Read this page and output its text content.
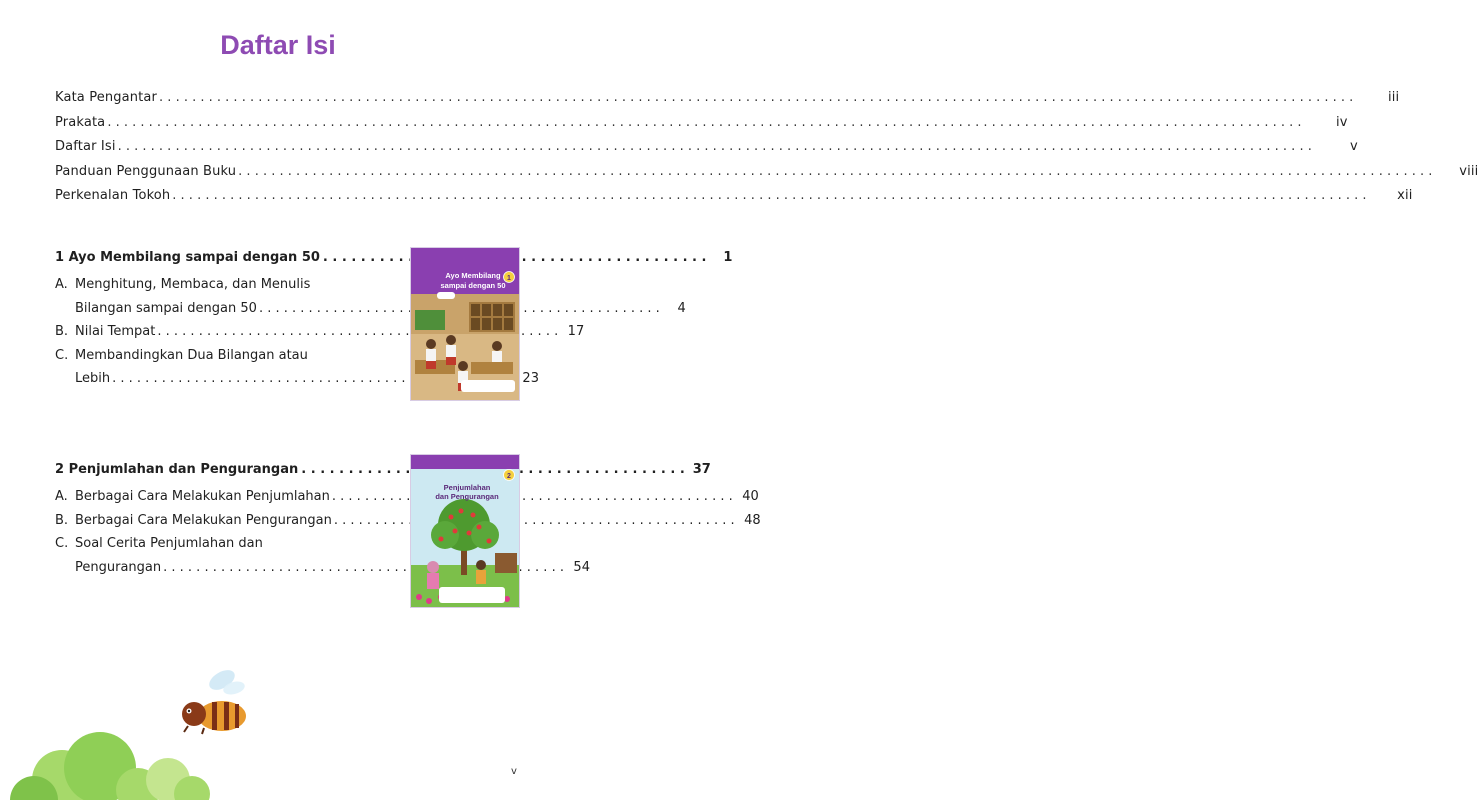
Daftar Isi
Kata Pengantar . . .	iii
Prakata . . .	iv
Daftar Isi . . .	v
Panduan Penggunaan Buku . . .	viii
Perkenalan Tokoh . . .	xii
1 Ayo Membilang sampai dengan 50 . . .	1
A. Menghitung, Membaca, dan Menulis
Bilangan sampai dengan 50 . . .	4
B. Nilai Tempat . . .	17
C. Membandingkan Dua Bilangan atau
Lebih . . .	23
1
Ayo Membilang
sampai dengan 50
2 Penjumlahan dan Pengurangan . . .	37
A. Berbagai Cara Melakukan Penjumlahan . . .	40
B. Berbagai Cara Melakukan Pengurangan . . .	48
C. Soal Cerita Penjumlahan dan
Pengurangan . . .	54
2
Penjumlahan
dan Pengurangan
v
